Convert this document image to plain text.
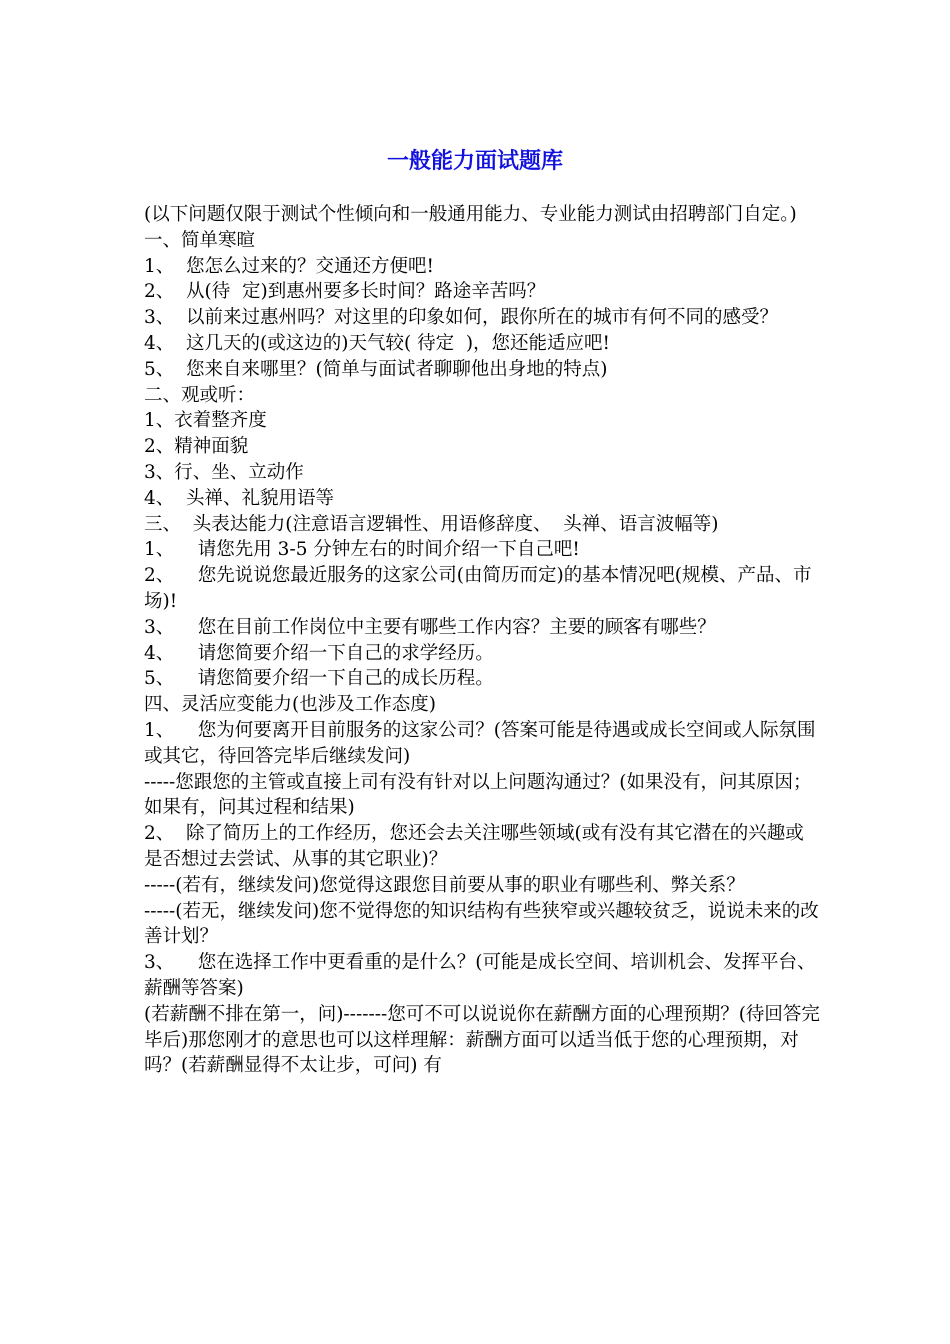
一般能力面试题库
(以下问题仅限于测试个性倾向和一般通用能力、专业能力测试由招聘部门自定。)
一、简单寒暄
1、  您怎么过来的？交通还方便吧!
2、  从(待  定)到惠州要多长时间？路途辛苦吗？
3、  以前来过惠州吗？对这里的印象如何，跟你所在的城市有何不同的感受？
4、  这几天的(或这边的)天气较( 待定  )，您还能适应吧!
5、  您来自来哪里？(简单与面试者聊聊他出身地的特点)
二、观或听：
1、衣着整齐度
2、精神面貌
3、行、坐、立动作
4、  头禅、礼貌用语等
三、  头表达能力(注意语言逻辑性、用语修辞度、  头禅、语言波幅等)
1、    请您先用 3-5 分钟左右的时间介绍一下自己吧!
2、    您先说说您最近服务的这家公司(由简历而定)的基本情况吧(规模、产品、市场)!
3、    您在目前工作岗位中主要有哪些工作内容？主要的顾客有哪些？
4、    请您简要介绍一下自己的求学经历。
5、    请您简要介绍一下自己的成长历程。
四、灵活应变能力(也涉及工作态度)
1、    您为何要离开目前服务的这家公司？(答案可能是待遇或成长空间或人际氛围或其它，待回答完毕后继续发问)
-----您跟您的主管或直接上司有没有针对以上问题沟通过？(如果没有，问其原因；如果有，问其过程和结果)
2、  除了简历上的工作经历，您还会去关注哪些领域(或有没有其它潜在的兴趣或是否想过去尝试、从事的其它职业)？
-----(若有，继续发问)您觉得这跟您目前要从事的职业有哪些利、弊关系？
-----(若无，继续发问)您不觉得您的知识结构有些狭窄或兴趣较贫乏，说说未来的改善计划？
3、    您在选择工作中更看重的是什么？(可能是成长空间、培训机会、发挥平台、薪酬等答案)
(若薪酬不排在第一，问)-------您可不可以说说你在薪酬方面的心理预期？(待回答完毕后)那您刚才的意思也可以这样理解：薪酬方面可以适当低于您的心理预期，对吗？(若薪酬显得不太让步，可问) 有
